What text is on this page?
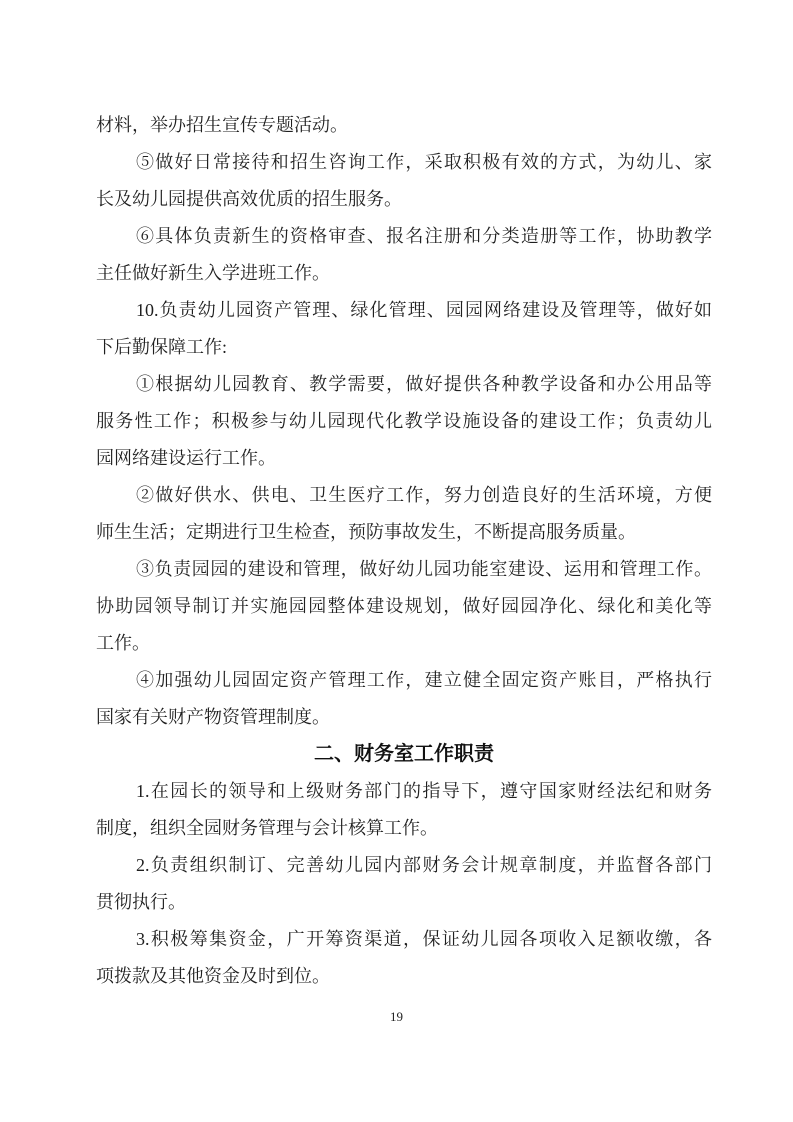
材料，举办招生宣传专题活动。
⑤做好日常接待和招生咨询工作，采取积极有效的方式，为幼儿、家
长及幼儿园提供高效优质的招生服务。
⑥具体负责新生的资格审查、报名注册和分类造册等工作，协助教学
主任做好新生入学进班工作。
10.负责幼儿园资产管理、绿化管理、园园网络建设及管理等，做好如
下后勤保障工作:
①根据幼儿园教育、教学需要，做好提供各种教学设备和办公用品等
服务性工作；积极参与幼儿园现代化教学设施设备的建设工作；负责幼儿
园网络建设运行工作。
②做好供水、供电、卫生医疗工作，努力创造良好的生活环境，方便
师生生活；定期进行卫生检查，预防事故发生，不断提高服务质量。
③负责园园的建设和管理，做好幼儿园功能室建设、运用和管理工作。
协助园领导制订并实施园园整体建设规划，做好园园净化、绿化和美化等
工作。
④加强幼儿园固定资产管理工作，建立健全固定资产账目，严格执行
国家有关财产物资管理制度。
二、财务室工作职责
1.在园长的领导和上级财务部门的指导下，遵守国家财经法纪和财务
制度，组织全园财务管理与会计核算工作。
2.负责组织制订、完善幼儿园内部财务会计规章制度，并监督各部门
贯彻执行。
3.积极筹集资金，广开筹资渠道，保证幼儿园各项收入足额收缴，各
项拨款及其他资金及时到位。
19
